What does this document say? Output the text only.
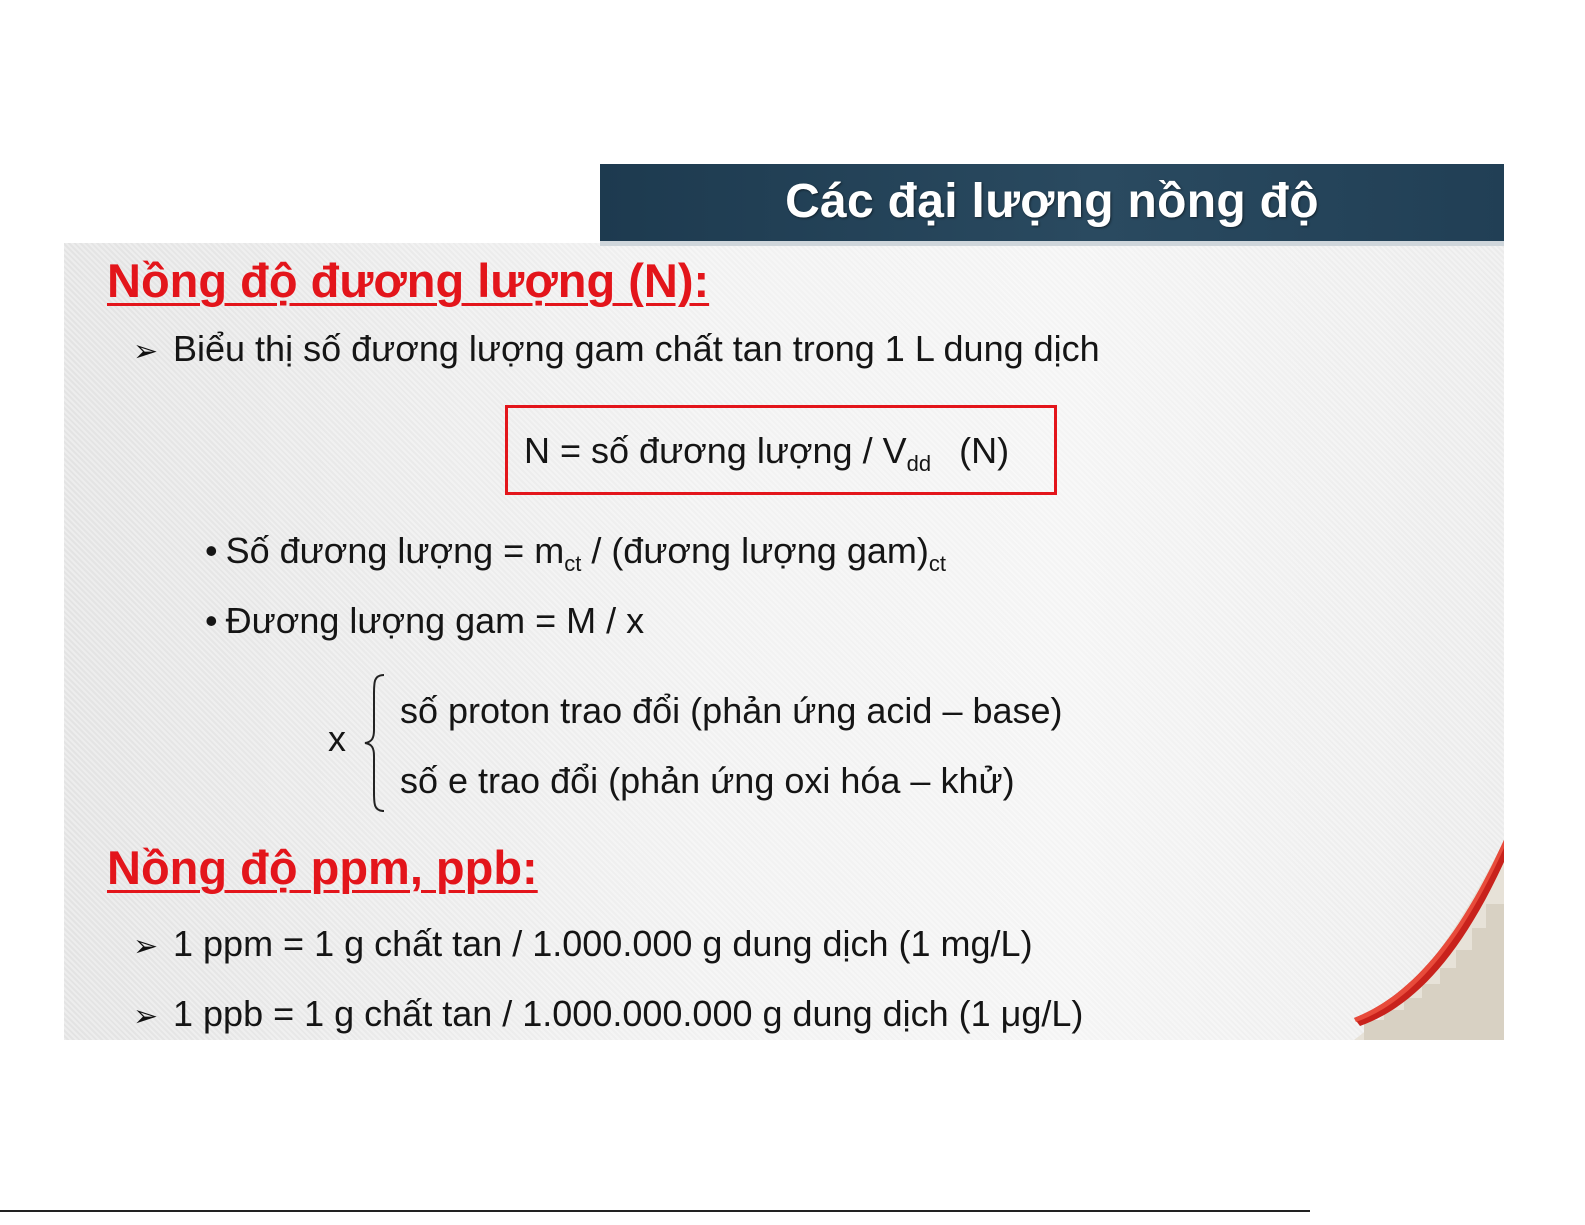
Các đại lượng nồng độ
Nồng độ đương lượng (N):
➢ Biểu thị số đương lượng gam chất tan trong 1 L dung dịch
N = số đương lượng / $V_{dd}$ (N)
• Số đương lượng = $m_{ct}$ / (đương lượng $gam)_{ct}$
• Đương lượng gam = M / x
x
số proton trao đổi (phản ứng acid – base)
số e trao đổi (phản ứng oxi hóa – khử)
Nồng độ ppm, ppb:
➢ 1 ppm = 1 g chất tan / 1.000.000 g dung dịch (1 mg/L)
➢ 1 ppb = 1 g chất tan / 1.000.000.000 g dung dịch (1 μg/L)
